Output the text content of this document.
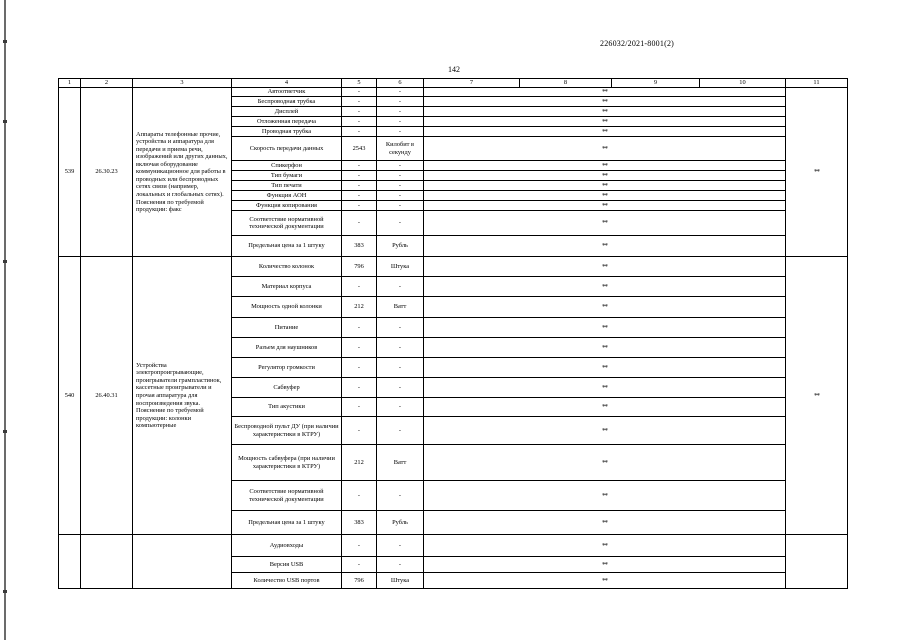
226032/2021-8001(2)
142
1	2	3	4	5	6	7	8	9	10	11
539	26.30.23	Аппараты телефонные прочие, устройства и аппаратура для передачи и приема речи, изображений или других данных, включая оборудование коммуникационное для работы в проводных или беспроводных сетях связи (например, локальных и глобальных сетях). Пояснения по требуемой продукции: факс	Автоответчик	-	-	**				**
			Беспроводная трубка	-	-	**				
			Дисплей	-	-	**				
			Отложенная передача	-	-	**				
			Проводная трубка	-	-	**				
			Скорость передачи данных	2543	Килобит в секунду	**				
			Спикерфон	-	-	**				
			Тип бумаги	-	-	**				
			Тип печати	-	-	**				
			Функция АОН	-	-	**				
			Функция копирования	-	-	**				
			Соответствие нормативной технической документации	-	-	**				
			Предельная цена за 1 штуку	383	Рубль	**				
540	26.40.31	Устройства электропроигрывающие, проигрыватели грампластинок, кассетные проигрыватели и прочая аппаратура для воспроизведения звука. Пояснение по требуемой продукции: колонки компьютерные	Количество колонок	796	Штука	**				**
			Материал корпуса	-	-	**				
			Мощность одной колонки	212	Ватт	**				
			Питание	-	-	**				
			Разъем для наушников	-	-	**				
			Регулятор громкости	-	-	**				
			Сабвуфер	-	-	**				
			Тип акустики	-	-	**				
			Беспроводной пульт ДУ (при наличии характеристики в КТРУ)	-	-	**				
			Мощность сабвуфера (при наличии характеристики в КТРУ)	212	Ватт	**				
			Соответствие нормативной технической документации	-	-	**				
			Предельная цена за 1 штуку	383	Рубль	**				
			Аудиовходы	-	-	**				
			Версия USB	-	-	**				
			Количество USB портов	796	Штука	**				
